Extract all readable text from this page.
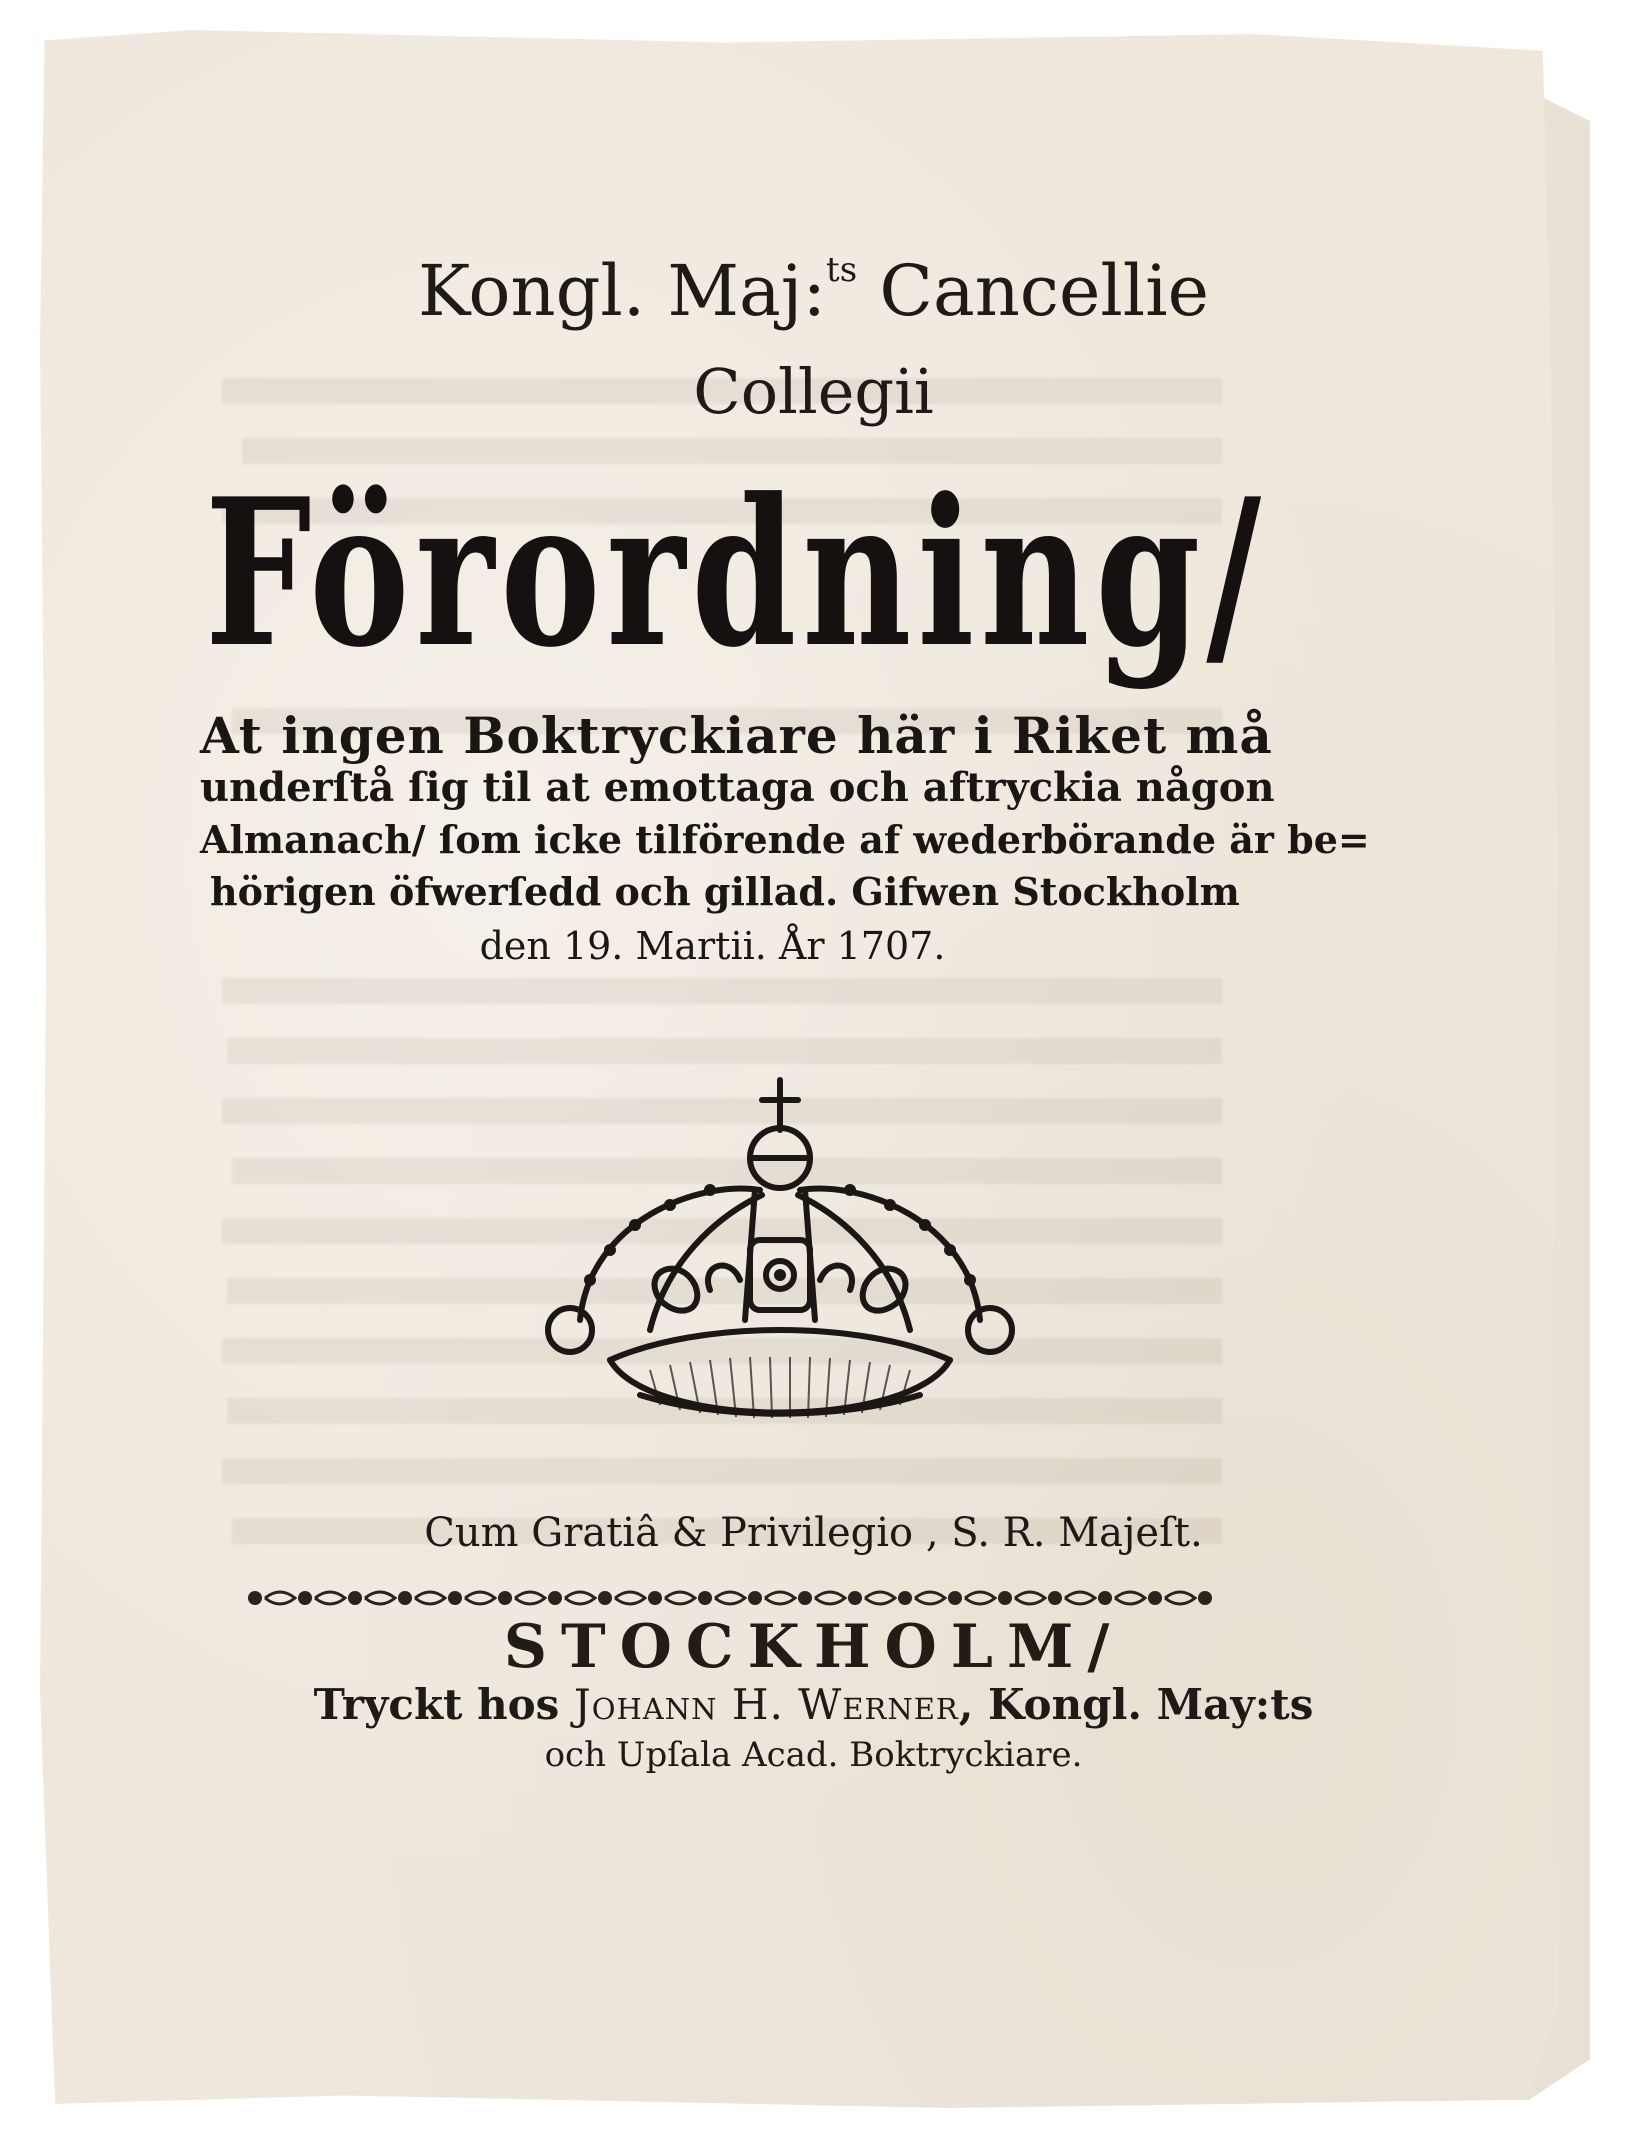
Kongl. Maj:$^{ts}$ Cancellie
Collegii
Förordning/
At ingen Boktryckiare här i Riket må
underſtå ſig til at emottaga och aftryckia någon
Almanach/ ſom icke tilförende af wederbörande är be=
hörigen öfwerſedd och gillad. Gifwen Stockholm
den 19. Martii. År 1707.
Cum Gratiâ & Privilegio , S. R. Majeſt.
STOCKHOLM/
Tryckt hos Johann H. Werner, Kongl. May:ts
och Upſala Acad. Boktryckiare.
